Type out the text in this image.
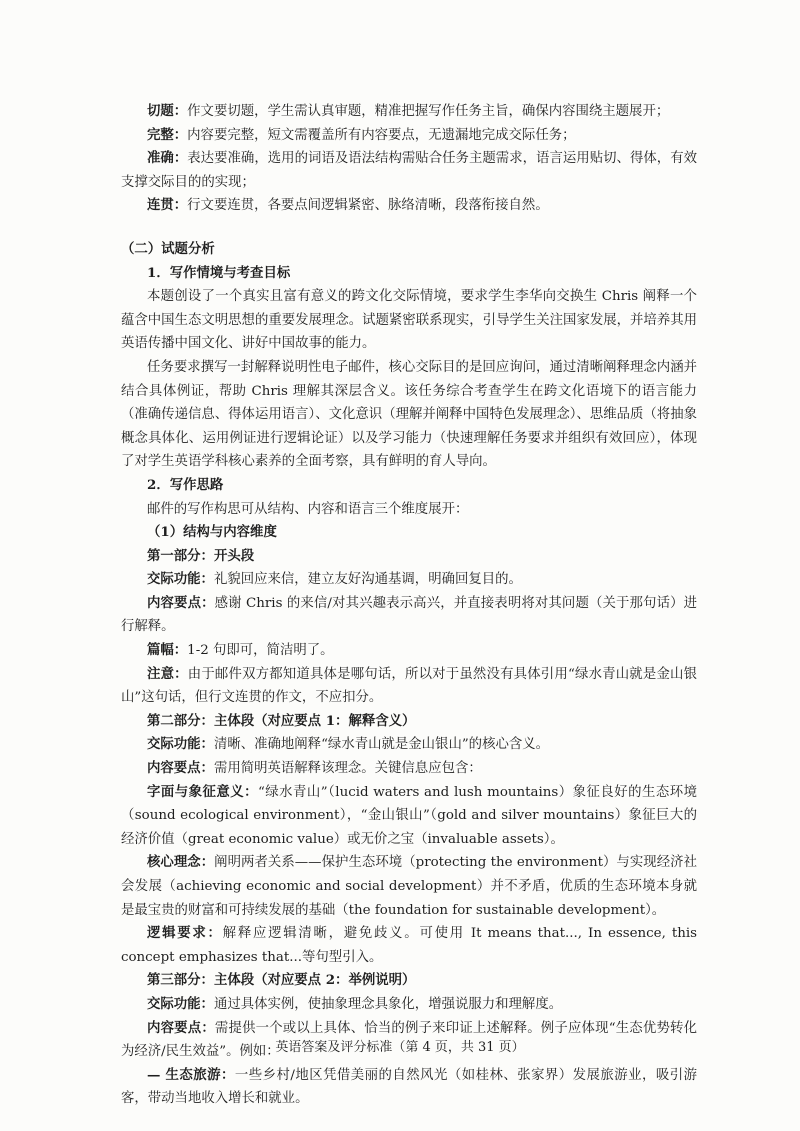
切题：作文要切题，学生需认真审题，精准把握写作任务主旨，确保内容围绕主题展开；

完整：内容要完整，短文需覆盖所有内容要点，无遗漏地完成交际任务；

准确：表达要准确，选用的词语及语法结构需贴合任务主题需求，语言运用贴切、得体，有效支撑交际目的的实现；

连贯：行文要连贯，各要点间逻辑紧密、脉络清晰，段落衔接自然。

（二）试题分析

1．写作情境与考查目标

本题创设了一个真实且富有意义的跨文化交际情境，要求学生李华向交换生 Chris 阐释一个蕴含中国生态文明思想的重要发展理念。试题紧密联系现实，引导学生关注国家发展，并培养其用英语传播中国文化、讲好中国故事的能力。

任务要求撰写一封解释说明性电子邮件，核心交际目的是回应询问，通过清晰阐释理念内涵并结合具体例证，帮助 Chris 理解其深层含义。该任务综合考查学生在跨文化语境下的语言能力（准确传递信息、得体运用语言）、文化意识（理解并阐释中国特色发展理念）、思维品质（将抽象概念具体化、运用例证进行逻辑论证）以及学习能力（快速理解任务要求并组织有效回应），体现了对学生英语学科核心素养的全面考察，具有鲜明的育人导向。

2．写作思路

邮件的写作构思可从结构、内容和语言三个维度展开：

（1）结构与内容维度

第一部分：开头段

交际功能：礼貌回应来信，建立友好沟通基调，明确回复目的。

内容要点：感谢 Chris 的来信/对其兴趣表示高兴，并直接表明将对其问题（关于那句话）进行解释。

篇幅：1-2 句即可，简洁明了。

注意：由于邮件双方都知道具体是哪句话，所以对于虽然没有具体引用“绿水青山就是金山银山”这句话，但行文连贯的作文，不应扣分。

第二部分：主体段（对应要点 1：解释含义）

交际功能：清晰、准确地阐释“绿水青山就是金山银山”的核心含义。

内容要点：需用简明英语解释该理念。关键信息应包含：

字面与象征意义：“绿水青山”（lucid waters and lush mountains）象征良好的生态环境（sound ecological environment），“金山银山”（gold and silver mountains）象征巨大的经济价值（great economic value）或无价之宝（invaluable assets）。

核心理念：阐明两者关系——保护生态环境（protecting the environment）与实现经济社会发展（achieving economic and social development）并不矛盾，优质的生态环境本身就是最宝贵的财富和可持续发展的基础（the foundation for sustainable development）。

逻辑要求：解释应逻辑清晰，避免歧义。可使用 It means that..., In essence, this concept emphasizes that...等句型引入。

第三部分：主体段（对应要点 2：举例说明）

交际功能：通过具体实例，使抽象理念具象化，增强说服力和理解度。

内容要点：需提供一个或以上具体、恰当的例子来印证上述解释。例子应体现“生态优势转化为经济/民生效益”。例如：

— 生态旅游：一些乡村/地区凭借美丽的自然风光（如桂林、张家界）发展旅游业，吸引游客，带动当地收入增长和就业。

英语答案及评分标准（第 4 页，共 31 页）
